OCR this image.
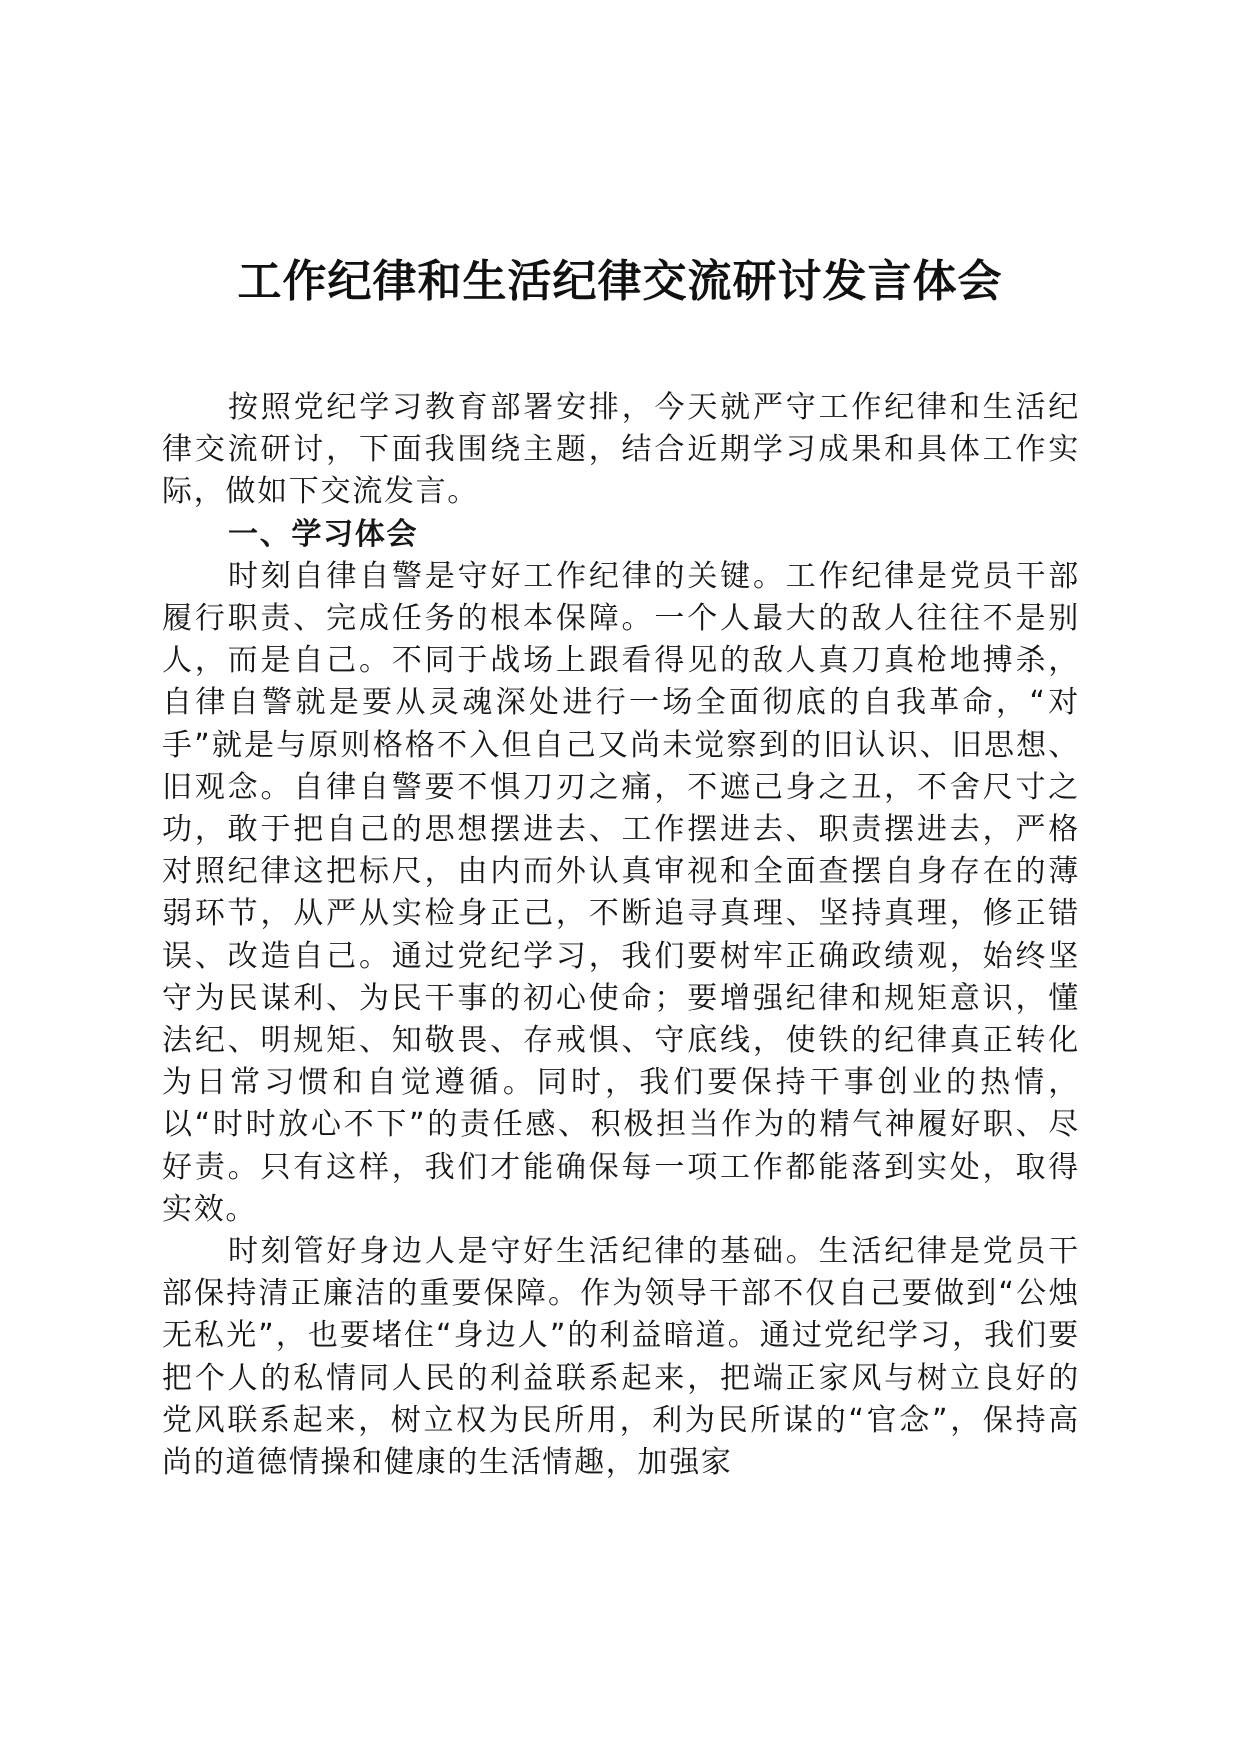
工作纪律和生活纪律交流研讨发言体会

按照党纪学习教育部署安排，今天就严守工作纪律和生活纪律交流研讨，下面我围绕主题，结合近期学习成果和具体工作实际，做如下交流发言。

一、学习体会

时刻自律自警是守好工作纪律的关键。工作纪律是党员干部履行职责、完成任务的根本保障。一个人最大的敌人往往不是别人，而是自己。不同于战场上跟看得见的敌人真刀真枪地搏杀，自律自警就是要从灵魂深处进行一场全面彻底的自我革命，“对手”就是与原则格格不入但自己又尚未觉察到的旧认识、旧思想、旧观念。自律自警要不惧刀刃之痛，不遮己身之丑，不舍尺寸之功，敢于把自己的思想摆进去、工作摆进去、职责摆进去，严格对照纪律这把标尺，由内而外认真审视和全面查摆自身存在的薄弱环节，从严从实检身正己，不断追寻真理、坚持真理，修正错误、改造自己。通过党纪学习，我们要树牢正确政绩观，始终坚守为民谋利、为民干事的初心使命；要增强纪律和规矩意识，懂法纪、明规矩、知敬畏、存戒惧、守底线，使铁的纪律真正转化为日常习惯和自觉遵循。同时，我们要保持干事创业的热情，以“时时放心不下”的责任感、积极担当作为的精气神履好职、尽好责。只有这样，我们才能确保每一项工作都能落到实处，取得实效。

时刻管好身边人是守好生活纪律的基础。生活纪律是党员干部保持清正廉洁的重要保障。作为领导干部不仅自己要做到“公烛无私光”，也要堵住“身边人”的利益暗道。通过党纪学习，我们要把个人的私情同人民的利益联系起来，把端正家风与树立良好的党风联系起来，树立权为民所用，利为民所谋的“官念”，保持高尚的道德情操和健康的生活情趣，加强家
